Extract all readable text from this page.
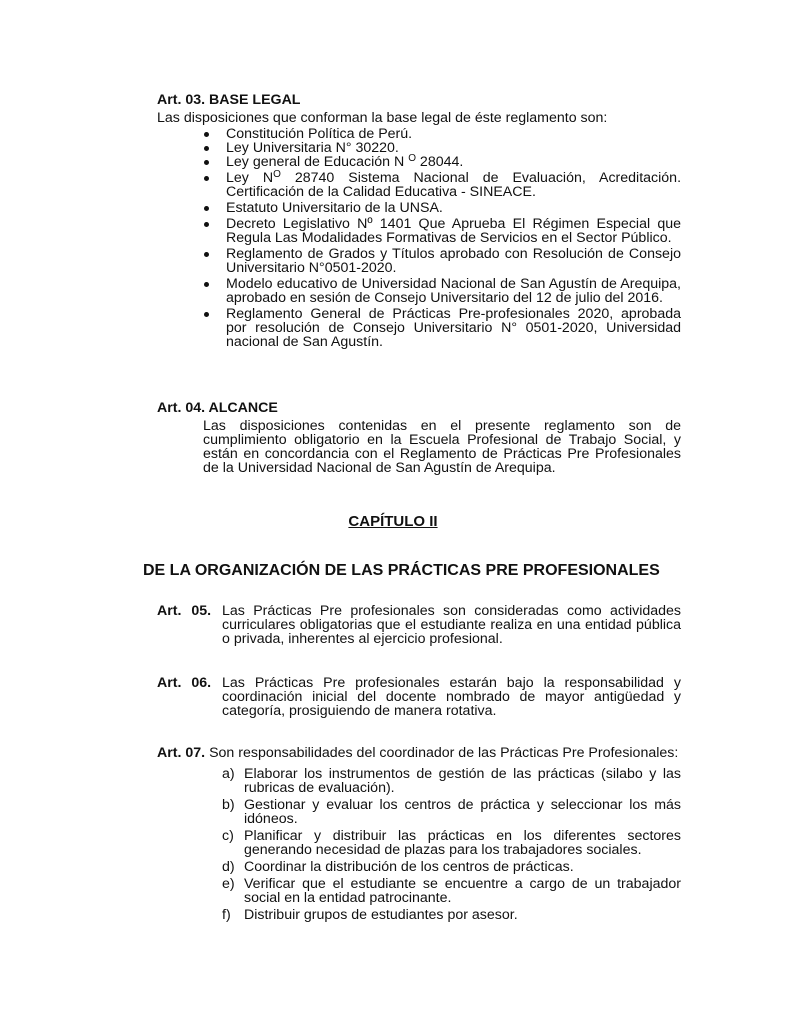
Art. 03. BASE LEGAL
Las disposiciones que conforman la base legal de éste reglamento son:
Constitución Política de Perú.
Ley Universitaria N° 30220.
Ley general de Educación N $^O$ 28044.
Ley $N^O$ 28740 Sistema Nacional de Evaluación, Acreditación. Certificación de la Calidad Educativa - SINEACE.
Estatuto Universitario de la UNSA.
Decreto Legislativo Nº 1401 Que Aprueba El Régimen Especial que Regula Las Modalidades Formativas de Servicios en el Sector Público.
Reglamento de Grados y Títulos aprobado con Resolución de Consejo Universitario N°0501-2020.
Modelo educativo de Universidad Nacional de San Agustín de Arequipa, aprobado en sesión de Consejo Universitario del 12 de julio del 2016.
Reglamento General de Prácticas Pre-profesionales 2020, aprobada por resolución de Consejo Universitario N° 0501-2020, Universidad nacional de San Agustín.
Art. 04. ALCANCE
Las disposiciones contenidas en el presente reglamento son de cumplimiento obligatorio en la Escuela Profesional de Trabajo Social, y están en concordancia con el Reglamento de Prácticas Pre Profesionales de la Universidad Nacional de San Agustín de Arequipa.
CAPÍTULO II
DE LA ORGANIZACIÓN DE LAS PRÁCTICAS PRE PROFESIONALES
Art. 05. Las Prácticas Pre profesionales son consideradas como actividades curriculares obligatorias que el estudiante realiza en una entidad pública o privada, inherentes al ejercicio profesional.
Art. 06. Las Prácticas Pre profesionales estarán bajo la responsabilidad y coordinación inicial del docente nombrado de mayor antigüedad y categoría, prosiguiendo de manera rotativa.
Art. 07. Son responsabilidades del coordinador de las Prácticas Pre Profesionales:
a) Elaborar los instrumentos de gestión de las prácticas (silabo y las rubricas de evaluación).
b) Gestionar y evaluar los centros de práctica y seleccionar los más idóneos.
c) Planificar y distribuir las prácticas en los diferentes sectores generando necesidad de plazas para los trabajadores sociales.
d) Coordinar la distribución de los centros de prácticas.
e) Verificar que el estudiante se encuentre a cargo de un trabajador social en la entidad patrocinante.
f) Distribuir grupos de estudiantes por asesor.
